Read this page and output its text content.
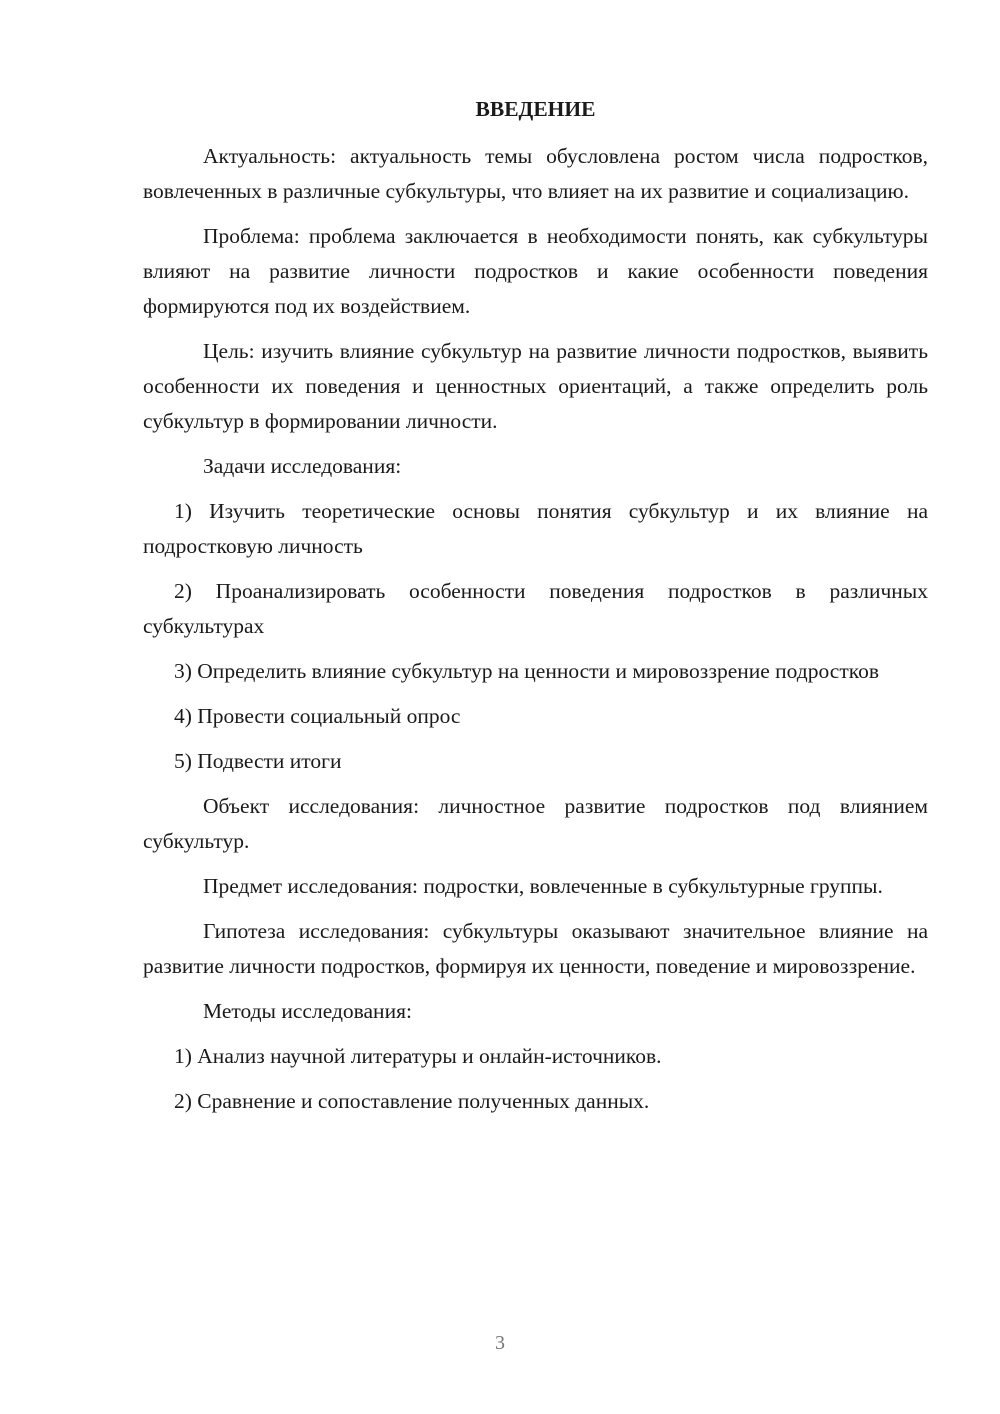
ВВЕДЕНИЕ

Актуальность: актуальность темы обусловлена ростом числа подростков, вовлеченных в различные субкультуры, что влияет на их развитие и социализацию.

Проблема: проблема заключается в необходимости понять, как субкультуры влияют на развитие личности подростков и какие особенности поведения формируются под их воздействием.

Цель: изучить влияние субкультур на развитие личности подростков, выявить особенности их поведения и ценностных ориентаций, а также определить роль субкультур в формировании личности.

Задачи исследования:

1) Изучить теоретические основы понятия субкультур и их влияние на подростковую личность

2) Проанализировать особенности поведения подростков в различных субкультурах

3) Определить влияние субкультур на ценности и мировоззрение подростков

4) Провести социальный опрос

5) Подвести итоги

Объект исследования: личностное развитие подростков под влиянием субкультур.

Предмет исследования: подростки, вовлеченные в субкультурные группы.

Гипотеза исследования: субкультуры оказывают значительное влияние на развитие личности подростков, формируя их ценности, поведение и мировоззрение.

Методы исследования:

1) Анализ научной литературы и онлайн-источников.

2) Сравнение и сопоставление полученных данных.

3
